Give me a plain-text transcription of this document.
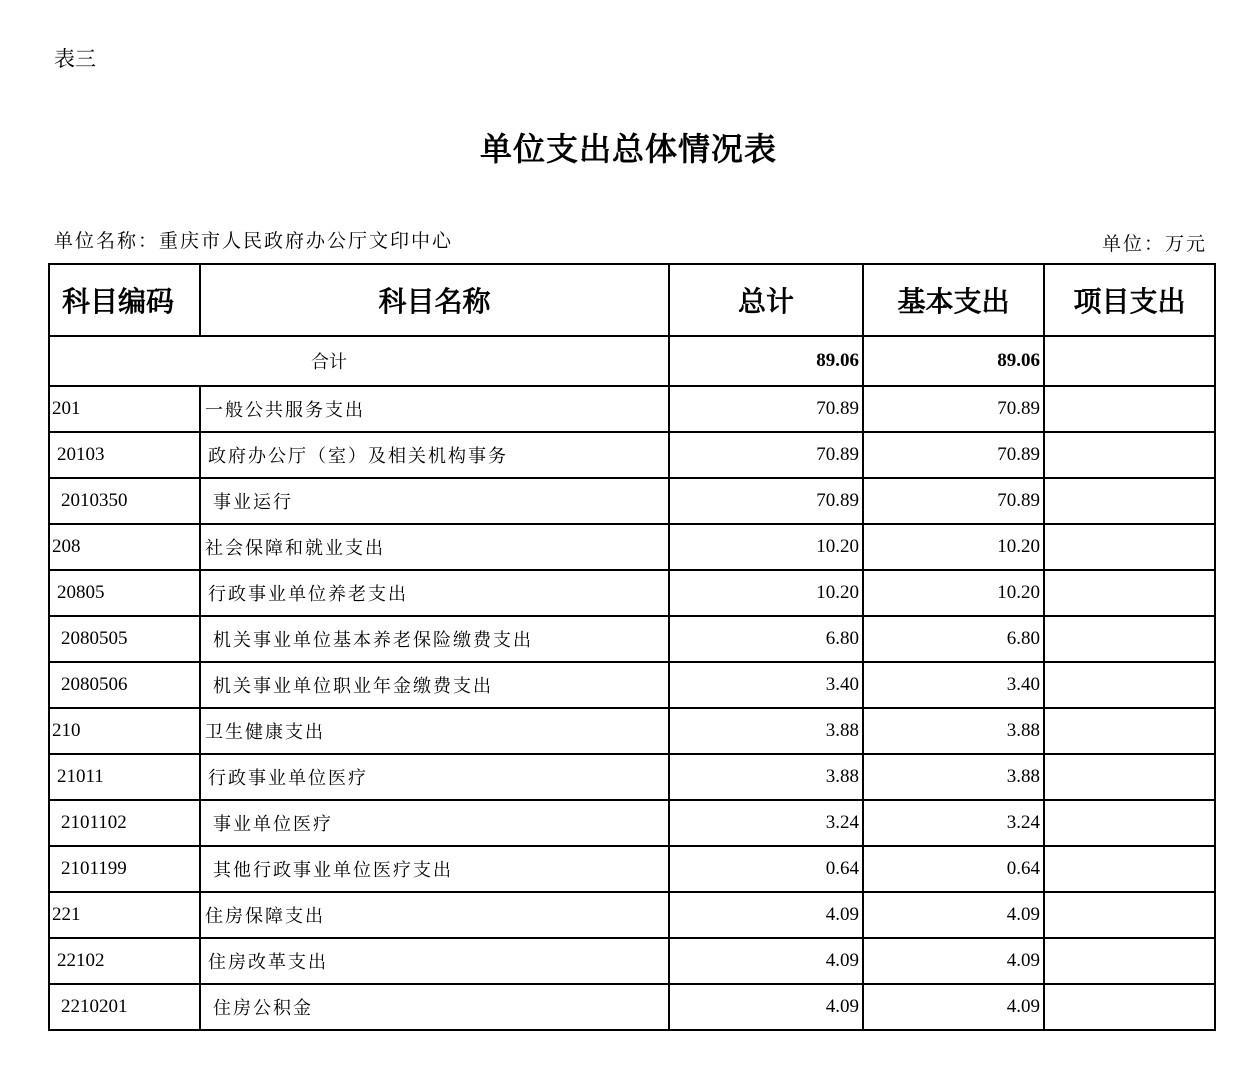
表三
单位支出总体情况表
单位名称：重庆市人民政府办公厅文印中心	单位：万元
科目编码	科目名称	总计	基本支出	项目支出
合计		89.06	89.06	
201	一般公共服务支出	70.89	70.89	
20103	政府办公厅（室）及相关机构事务	70.89	70.89	
2010350	事业运行	70.89	70.89	
208	社会保障和就业支出	10.20	10.20	
20805	行政事业单位养老支出	10.20	10.20	
2080505	机关事业单位基本养老保险缴费支出	6.80	6.80	
2080506	机关事业单位职业年金缴费支出	3.40	3.40	
210	卫生健康支出	3.88	3.88	
21011	行政事业单位医疗	3.88	3.88	
2101102	事业单位医疗	3.24	3.24	
2101199	其他行政事业单位医疗支出	0.64	0.64	
221	住房保障支出	4.09	4.09	
22102	住房改革支出	4.09	4.09	
2210201	住房公积金	4.09	4.09	
